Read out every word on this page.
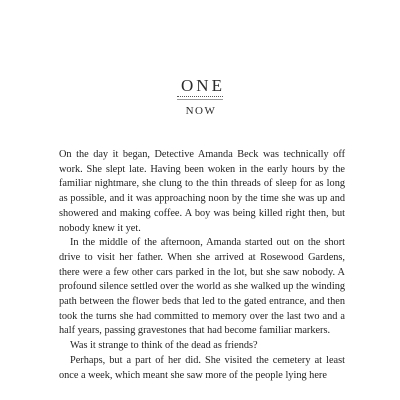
ONE
NOW

On the day it began, Detective Amanda Beck was technically off work. She slept late. Having been woken in the early hours by the familiar nightmare, she clung to the thin threads of sleep for as long as possible, and it was approaching noon by the time she was up and showered and making coffee. A boy was being killed right then, but nobody knew it yet.

In the middle of the afternoon, Amanda started out on the short drive to visit her father. When she arrived at Rosewood Gardens, there were a few other cars parked in the lot, but she saw nobody. A profound silence settled over the world as she walked up the winding path between the flower beds that led to the gated entrance, and then took the turns she had committed to memory over the last two and a half years, passing gravestones that had become familiar markers.

Was it strange to think of the dead as friends?

Perhaps, but a part of her did. She visited the cemetery at least once a week, which meant she saw more of the people lying here
